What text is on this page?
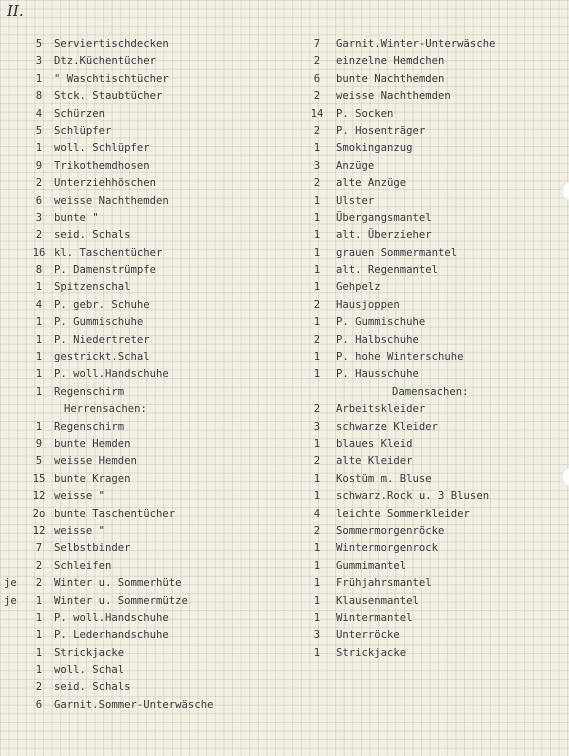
II.
5	Serviertischdecken
3	Dtz.Küchentücher
1	" Waschtischtücher
8	Stck. Staubtücher
4	Schürzen
5	Schlüpfer
1	woll. Schlüpfer
9	Trikothemdhosen
2	Unterziehhöschen
6	weisse Nachthemden
3	bunte "
2	seid. Schals
16 kl. Taschentücher
8	P. Damenstrümpfe
1	Spitzenschal
4	P. gebr. Schuhe
1	P. Gummischuhe
1	P. Niedertreter
1	gestrickt.Schal
1	P. woll.Handschuhe
1	Regenschirm
Herrensachen:
1	Regenschirm
9	bunte Hemden
5	weisse Hemden
15 bunte Kragen
12 weisse "
2o bunte Taschentücher
12 weisse "
7	Selbstbinder
2	Schleifen
je	2	Winter u. Sommerhüte
je	1	Winter u. Sommermütze
1	P. woll.Handschuhe
1	P. Lederhandschuhe
1	Strickjacke
1	woll. Schal
2	seid. Schals
6	Garnit.Sommer-Unterwäsche
7	Garnit.Winter-Unterwäsche
2	einzelne Hemdchen
6	bunte Nachthemden
2	weisse Nachthemden
14	P. Socken
2	P. Hosenträger
1	Smokinganzug
3	Anzüge
2	alte Anzüge
1	Ulster
1	Übergangsmantel
1	alt. Überzieher
1	grauen Sommermantel
1	alt. Regenmantel
1	Gehpelz
2	Hausjoppen
1	P. Gummischuhe
2	P. Halbschuhe
1	P. hohe Winterschuhe
1	P. Hausschuhe
Damensachen:
2	Arbeitskleider
3	schwarze Kleider
1	blaues Kleid
2	alte Kleider
1	Kostüm m. Bluse
1	schwarz.Rock u. 3 Blusen
4	leichte Sommerkleider
2	Sommermorgenröcke
1	Wintermorgenrock
1	Gummimantel
1	Frühjahrsmantel
1	Klausenmantel
1	Wintermantel
3	Unterröcke
1	Strickjacke
